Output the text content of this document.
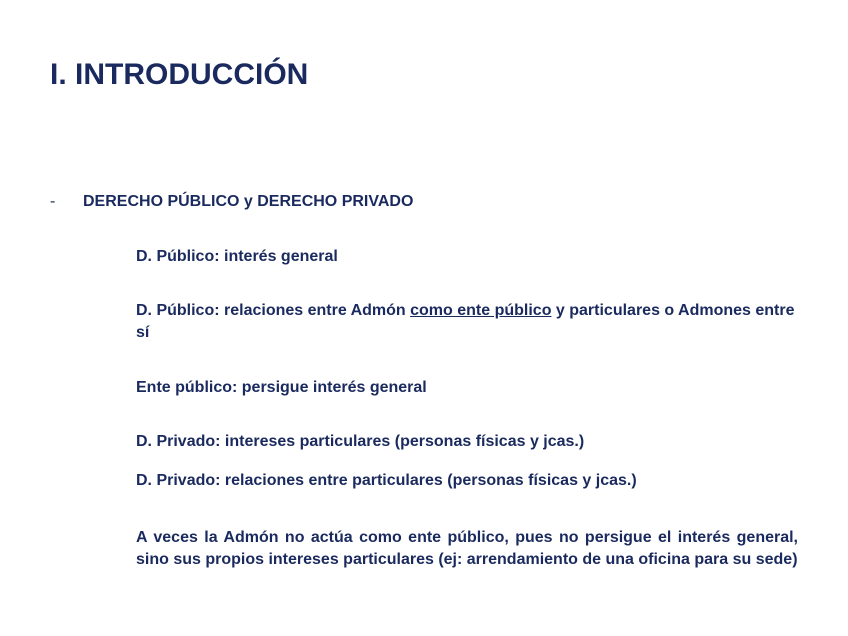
I. INTRODUCCIÓN
- DERECHO PÚBLICO y DERECHO PRIVADO

D. Público: interés general

D. Público: relaciones entre Admón como ente público y particulares o Admones entre sí

Ente público: persigue interés general

D. Privado: intereses particulares (personas físicas y jcas.)

D. Privado: relaciones entre particulares (personas físicas y jcas.)

A veces la Admón no actúa como ente público, pues no persigue el interés general, sino sus propios intereses particulares (ej: arrendamiento de una oficina para su sede)
